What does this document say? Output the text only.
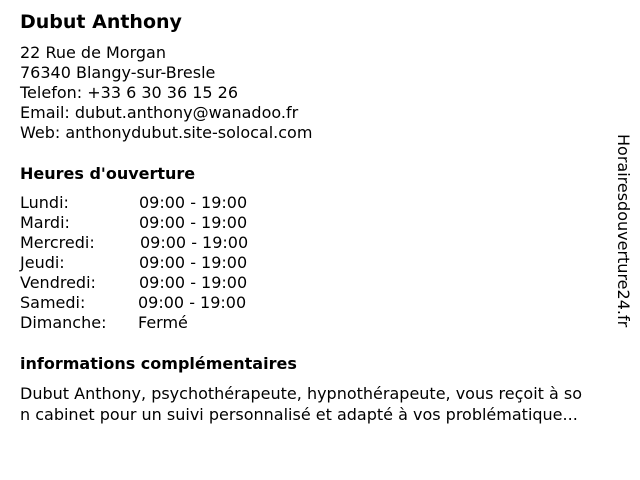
Dubut Anthony
22 Rue de Morgan
76340 Blangy-sur-Bresle
Telefon: +33 6 30 36 15 26
Email: dubut.anthony@wanadoo.fr
Web: anthonydubut.site-solocal.com
Heures d'ouverture
Lundi:	09:00 - 19:00
Mardi:	09:00 - 19:00
Mercredi:	09:00 - 19:00
Jeudi:	09:00 - 19:00
Vendredi:	09:00 - 19:00
Samedi:	09:00 - 19:00
Dimanche: Fermé
informations complémentaires
Dubut Anthony, psychothérapeute, hypnothérapeute, vous reçoit à so
n cabinet pour un suivi personnalisé et adapté à vos problématique...
Horairesdouverture24.fr
